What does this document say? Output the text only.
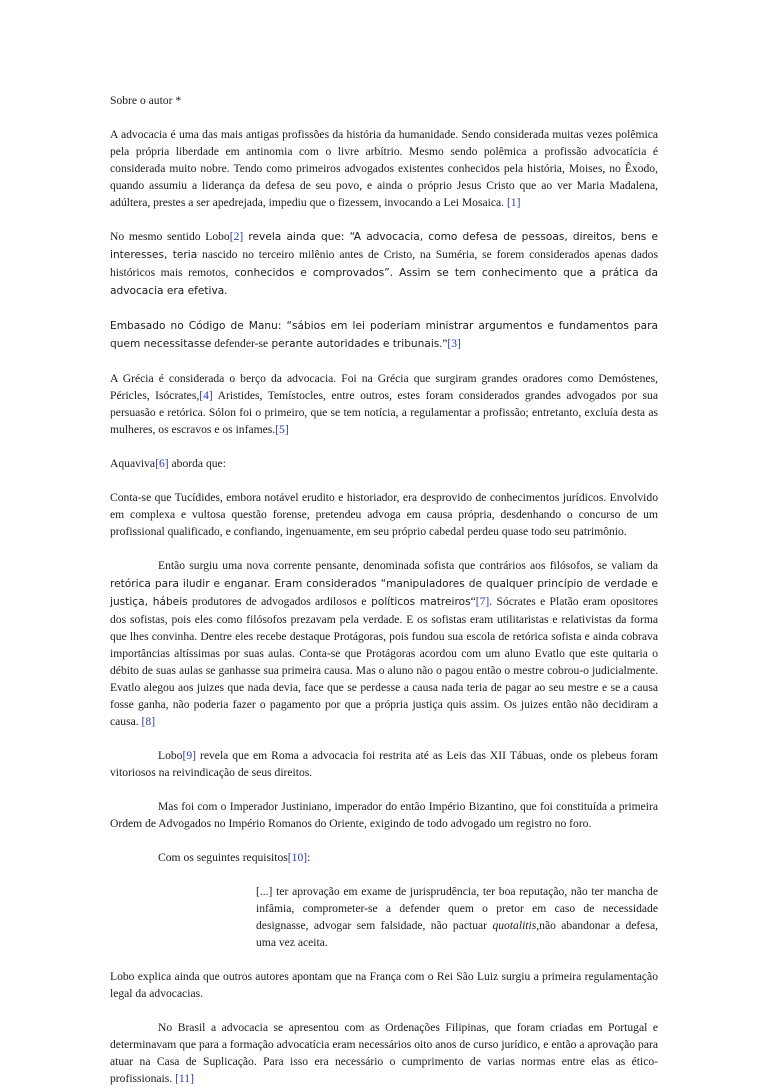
Sobre o autor *

A advocacia é uma das mais antigas profissões da história da humanidade. Sendo considerada muitas vezes polêmica pela própria liberdade em antinomia com o livre arbítrio. Mesmo sendo polêmica a profissão advocatícia é considerada muito nobre. Tendo como primeiros advogados existentes conhecidos pela história, Moises, no Êxodo, quando assumiu a liderança da defesa de seu povo, e ainda o próprio Jesus Cristo que ao ver Maria Madalena, adúltera, prestes a ser apedrejada, impediu que o fizessem, invocando a Lei Mosaica. [1]

No mesmo sentido Lobo[2] revela ainda que: “A advocacia, como defesa de pessoas, direitos, bens e interesses, teria nascido no terceiro milênio antes de Cristo, na Suméria, se forem considerados apenas dados históricos mais remotos, conhecidos e comprovados”. Assim se tem conhecimento que a prática da advocacia era efetiva.

Embasado no Código de Manu: “sábios em lei poderiam ministrar argumentos e fundamentos para quem necessitasse defender-se perante autoridades e tribunais.”[3]

A Grécia é considerada o berço da advocacia. Foi na Grécia que surgiram grandes oradores como Demóstenes, Péricles, Isócrates,[4] Aristides, Temístocles, entre outros, estes foram considerados grandes advogados por sua persuasão e retórica. Sólon foi o primeiro, que se tem notícia, a regulamentar a profissão; entretanto, excluía desta as mulheres, os escravos e os infames.[5]

Aquaviva[6] aborda que:

Conta-se que Tucídides, embora notável erudito e historiador, era desprovido de conhecimentos jurídicos. Envolvido em complexa e vultosa questão forense, pretendeu advoga em causa própria, desdenhando o concurso de um profissional qualificado, e confiando, ingenuamente, em seu próprio cabedal perdeu quase todo seu patrimônio.

Então surgiu uma nova corrente pensante, denominada sofista que contrários aos filósofos, se valiam da retórica para iludir e enganar. Eram considerados “manipuladores de qualquer princípio de verdade e justiça, hábeis produtores de advogados ardilosos e políticos matreiros“[7]. Sócrates e Platão eram opositores dos sofistas, pois eles como filósofos prezavam pela verdade. E os sofistas eram utilitaristas e relativistas da forma que lhes convinha. Dentre eles recebe destaque Protágoras, pois fundou sua escola de retórica sofista e ainda cobrava importâncias altíssimas por suas aulas. Conta-se que Protágoras acordou com um aluno Evatlo que este quitaria o débito de suas aulas se ganhasse sua primeira causa. Mas o aluno não o pagou então o mestre cobrou-o judicialmente. Evatlo alegou aos juizes que nada devia, face que se perdesse a causa nada teria de pagar ao seu mestre e se a causa fosse ganha, não poderia fazer o pagamento por que a própria justiça quis assim. Os juizes então não decidiram a causa. [8]

Lobo[9] revela que em Roma a advocacia foi restrita até as Leis das XII Tábuas, onde os plebeus foram vitoriosos na reivindicação de seus direitos.

Mas foi com o Imperador Justiniano, imperador do então Império Bizantino, que foi constituída a primeira Ordem de Advogados no Império Romanos do Oriente, exigindo de todo advogado um registro no foro.

Com os seguintes requisitos[10]:

[...] ter aprovação em exame de jurisprudência, ter boa reputação, não ter mancha de infâmia, comprometer-se a defender quem o pretor em caso de necessidade designasse, advogar sem falsidade, não pactuar quotalitis,não abandonar a defesa, uma vez aceita.

Lobo explica ainda que outros autores apontam que na França com o Rei São Luiz surgiu a primeira regulamentação legal da advocacias.

No Brasil a advocacia se apresentou com as Ordenações Filipinas, que foram criadas em Portugal e determinavam que para a formação advocatícia eram necessários oito anos de curso jurídico, e então a aprovação para atuar na Casa de Suplicação. Para isso era necessário o cumprimento de varias normas entre elas as ético-profissionais. [11]
